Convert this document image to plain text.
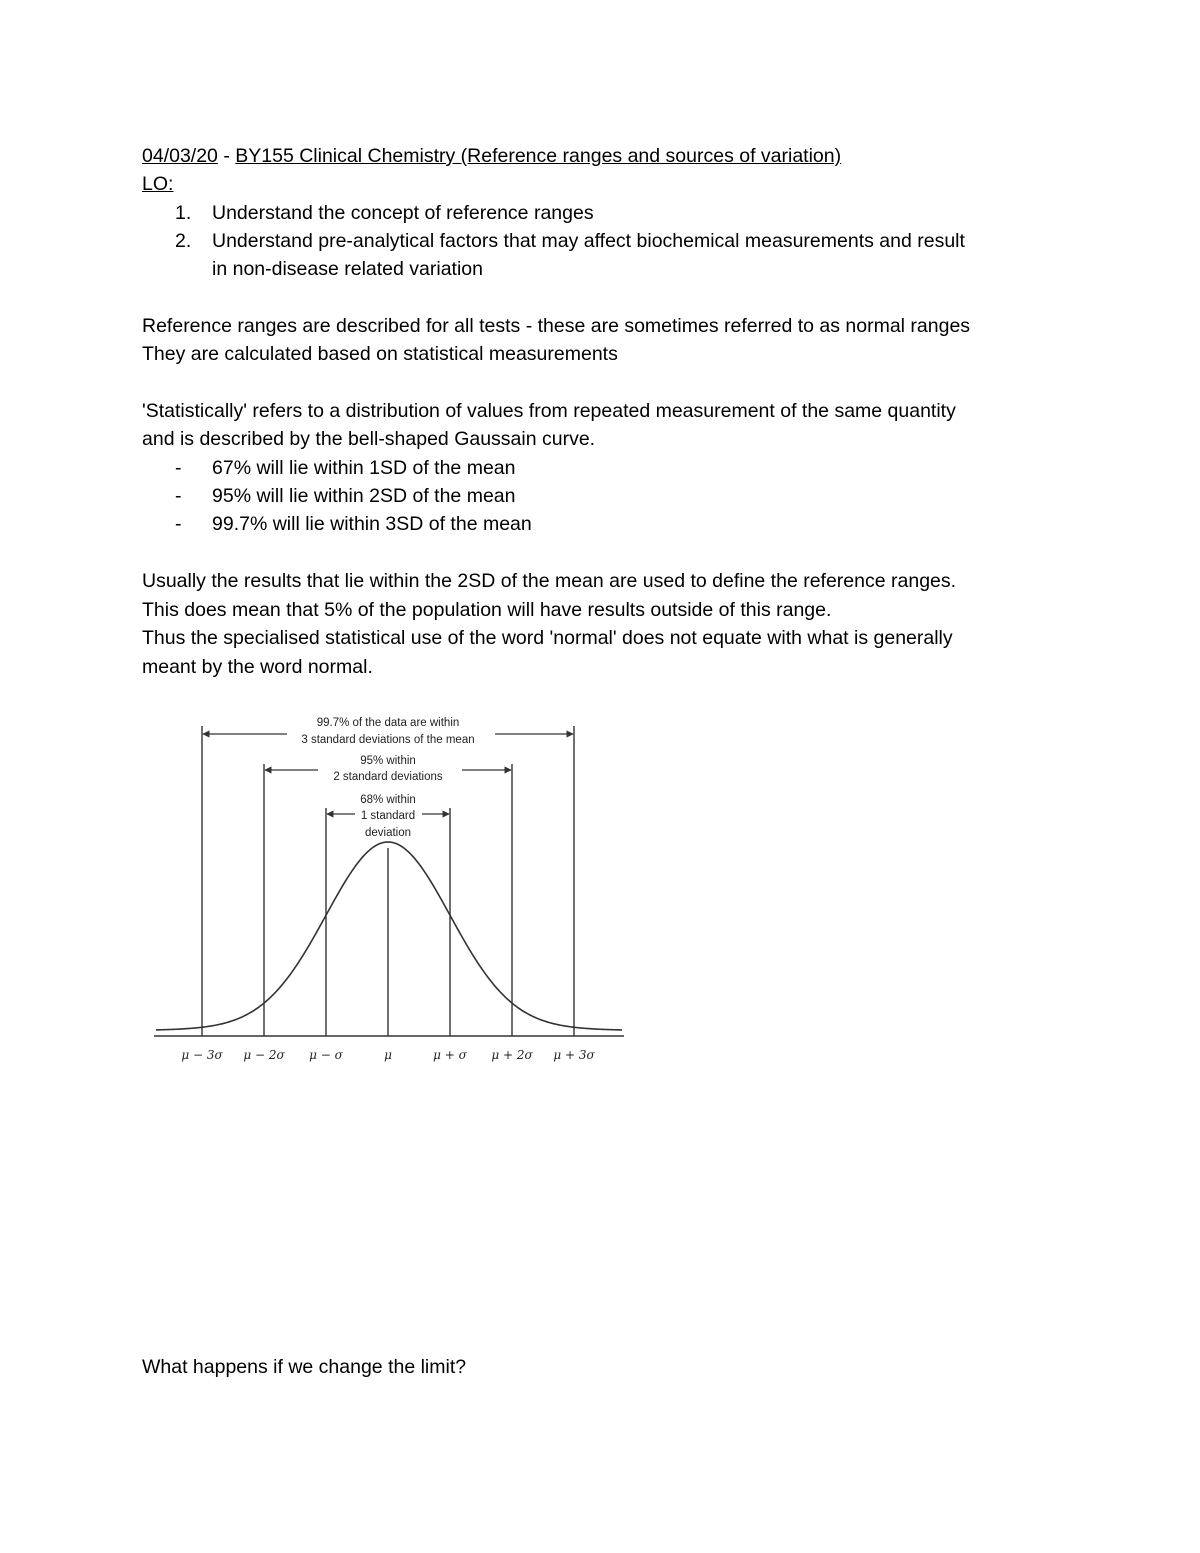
04/03/20 - BY155 Clinical Chemistry (Reference ranges and sources of variation)
LO:
1. Understand the concept of reference ranges
2. Understand pre-analytical factors that may affect biochemical measurements and result
in non-disease related variation
Reference ranges are described for all tests - these are sometimes referred to as normal ranges
They are calculated based on statistical measurements
'Statistically' refers to a distribution of values from repeated measurement of the same quantity
and is described by the bell-shaped Gaussain curve.
- 67% will lie within 1SD of the mean
- 95% will lie within 2SD of the mean
- 99.7% will lie within 3SD of the mean
Usually the results that lie within the 2SD of the mean are used to define the reference ranges.
This does mean that 5% of the population will have results outside of this range.
Thus the specialised statistical use of the word 'normal' does not equate with what is generally
meant by the word normal.
99.7% of the data are within
3 standard deviations of the mean
95% within
2 standard deviations
68% within
1 standard
deviation
μ − 3σ μ − 2σ μ − σ	μ	μ + σ μ + 2σ μ + 3σ
What happens if we change the limit?
